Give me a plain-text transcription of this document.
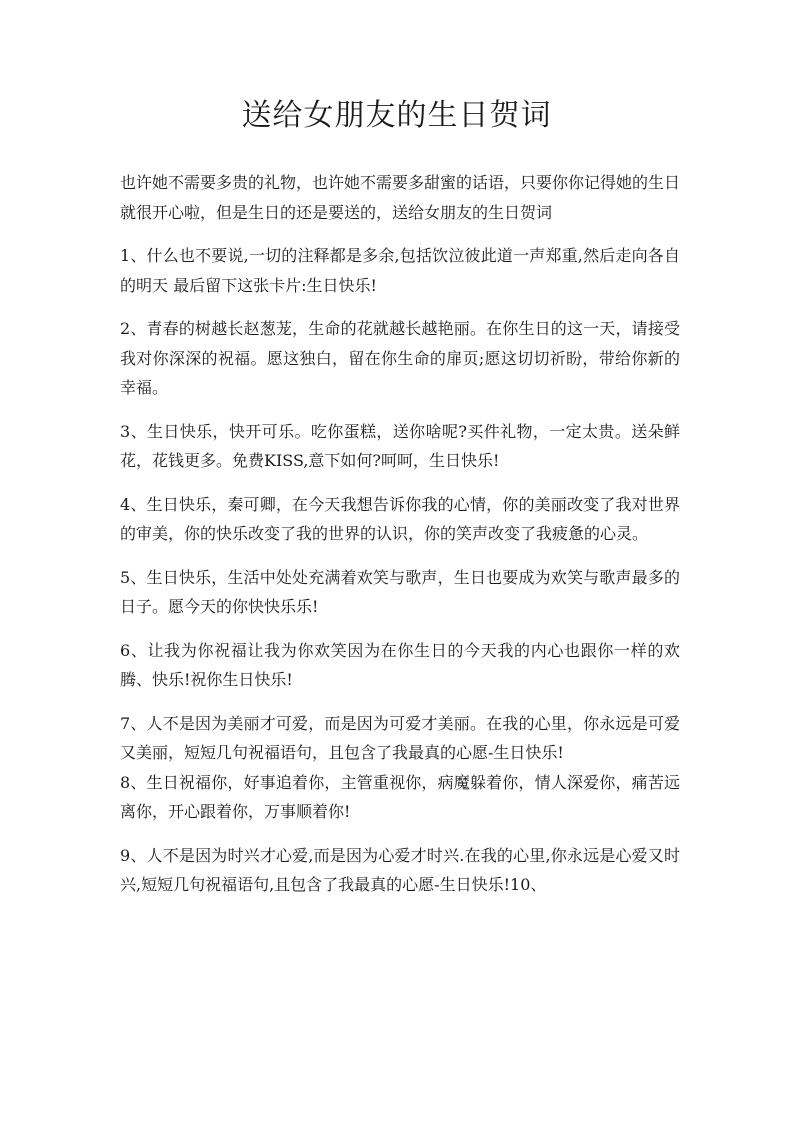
送给女朋友的生日贺词

也许她不需要多贵的礼物，也许她不需要多甜蜜的话语，只要你你记得她的生日就很开心啦，但是生日的还是要送的，送给女朋友的生日贺词

1、什么也不要说,一切的注释都是多余,包括饮泣彼此道一声郑重,然后走向各自的明天 最后留下这张卡片:生日快乐!

2、青春的树越长赵葱茏，生命的花就越长越艳丽。在你生日的这一天，请接受我对你深深的祝福。愿这独白，留在你生命的扉页;愿这切切祈盼，带给你新的幸福。

3、生日快乐，快开可乐。吃你蛋糕，送你啥呢?买件礼物，一定太贵。送朵鲜花，花钱更多。免费KISS,意下如何?呵呵，生日快乐!

4、生日快乐，秦可卿，在今天我想告诉你我的心情，你的美丽改变了我对世界的审美，你的快乐改变了我的世界的认识，你的笑声改变了我疲惫的心灵。

5、生日快乐，生活中处处充满着欢笑与歌声，生日也要成为欢笑与歌声最多的日子。愿今天的你快快乐乐!

6、让我为你祝福让我为你欢笑因为在你生日的今天我的内心也跟你一样的欢腾、快乐!祝你生日快乐!

7、人不是因为美丽才可爱，而是因为可爱才美丽。在我的心里，你永远是可爱又美丽，短短几句祝福语句，且包含了我最真的心愿-生日快乐!

8、生日祝福你，好事追着你，主管重视你，病魔躲着你，情人深爱你，痛苦远离你，开心跟着你，万事顺着你!

9、人不是因为时兴才心爱,而是因为心爱才时兴.在我的心里,你永远是心爱又时兴,短短几句祝福语句,且包含了我最真的心愿-生日快乐!10、
